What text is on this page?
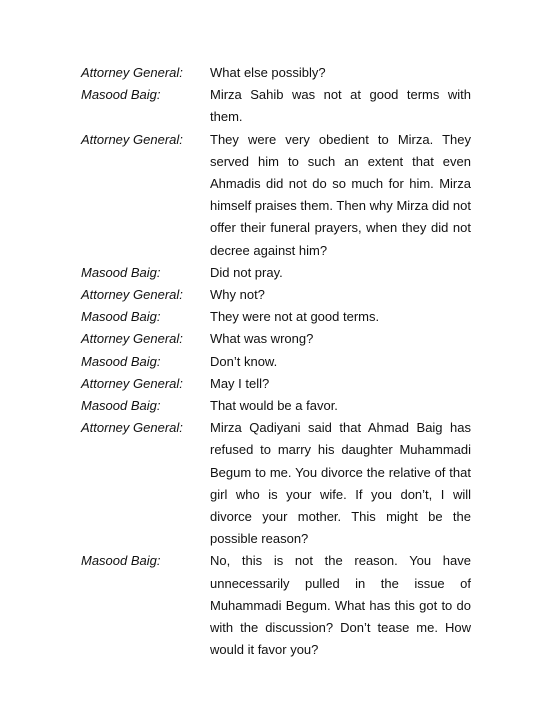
Attorney General:	What else possibly?
Masood Baig:	Mirza Sahib was not at good terms with them.
Attorney General:	They were very obedient to Mirza. They served him to such an extent that even Ahmadis did not do so much for him. Mirza himself praises them. Then why Mirza did not offer their funeral prayers, when they did not decree against him?
Masood Baig:	Did not pray.
Attorney General:	Why not?
Masood Baig:	They were not at good terms.
Attorney General:	What was wrong?
Masood Baig:	Don’t know.
Attorney General:	May I tell?
Masood Baig:	That would be a favor.
Attorney General:	Mirza Qadiyani said that Ahmad Baig has refused to marry his daughter Muhammadi Begum to me. You divorce the relative of that girl who is your wife. If you don’t, I will divorce your mother. This might be the possible reason?
Masood Baig:	No, this is not the reason. You have unnecessarily pulled in the issue of Muhammadi Begum. What has this got to do with the discussion? Don’t tease me. How would it favor you?
